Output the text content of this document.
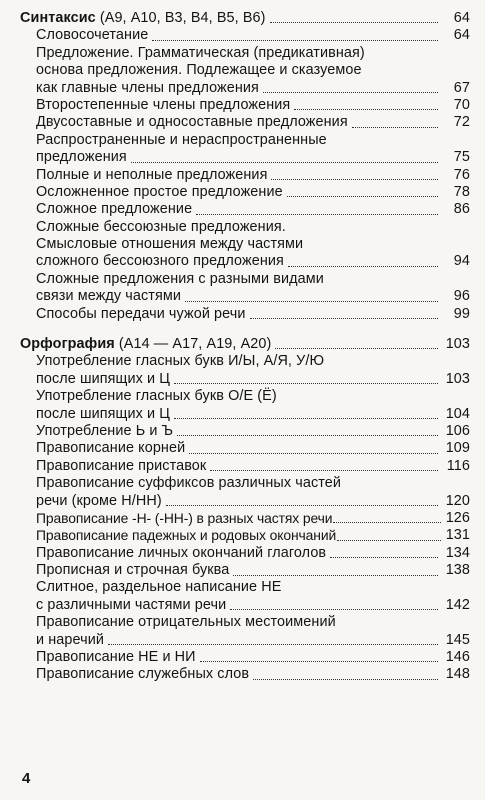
Синтаксис (А9, А10, В3, В4, В5, В6)	64
Словосочетание	64
Предложение. Грамматическая (предикативная)
основа предложения. Подлежащее и сказуемое
как главные члены предложения	67
Второстепенные члены предложения	70
Двусоставные и односоставные предложения	72
Распространенные и нераспространенные
предложения	75
Полные и неполные предложения	76
Осложненное простое предложение	78
Сложное предложение	86
Сложные бессоюзные предложения.
Смысловые отношения между частями
сложного бессоюзного предложения	94
Сложные предложения с разными видами
связи между частями	96
Способы передачи чужой речи	99
Орфография (А14 — А17, А19, А20)	103
Употребление гласных букв И/Ы, А/Я, У/Ю
после шипящих и Ц	103
Употребление гласных букв О/Е (Ё)
после шипящих и Ц	104
Употребление Ь и Ъ	106
Правописание корней	109
Правописание приставок	116
Правописание суффиксов различных частей
речи (кроме Н/НН)	120
Правописание -Н- (-НН-) в разных частях речи	126
Правописание падежных и родовых окончаний	131
Правописание личных окончаний глаголов	134
Прописная и строчная буква	138
Слитное, раздельное написание НЕ
с различными частями речи	142
Правописание отрицательных местоимений
и наречий	145
Правописание НЕ и НИ	146
Правописание служебных слов	148
4
